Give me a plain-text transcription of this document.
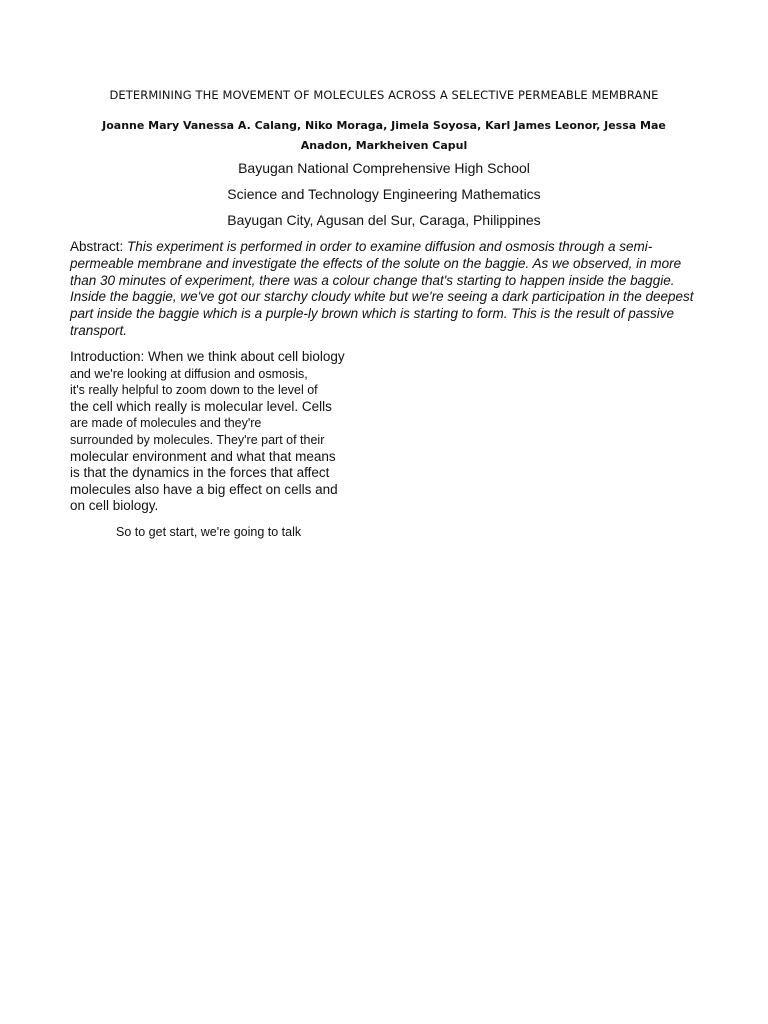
DETERMINING THE MOVEMENT OF MOLECULES ACROSS A SELECTIVE PERMEABLE MEMBRANE
Joanne Mary Vanessa A. Calang, Niko Moraga, Jimela Soyosa, Karl James Leonor, Jessa Mae Anadon, Markheiven Capul
Bayugan National Comprehensive High School
Science and Technology Engineering Mathematics
Bayugan City, Agusan del Sur, Caraga, Philippines
Abstract: This experiment is performed in order to examine diffusion and osmosis through a semi-permeable membrane and investigate the effects of the solute on the baggie. As we observed, in more than 30 minutes of experiment, there was a colour change that's starting to happen inside the baggie. Inside the baggie, we've got our starchy cloudy white but we're seeing a dark participation in the deepest part inside the baggie which is a purple-ly brown which is starting to form. This is the result of passive transport.
Introduction: When we think about cell biology
and we're looking at diffusion and osmosis,
it's really helpful to zoom down to the level of
the cell which really is molecular level. Cells
are made of molecules and they're
surrounded by molecules. They're part of their
molecular environment and what that means
is that the dynamics in the forces that affect
molecules also have a big effect on cells and
on cell biology.
So to get start, we're going to talk
